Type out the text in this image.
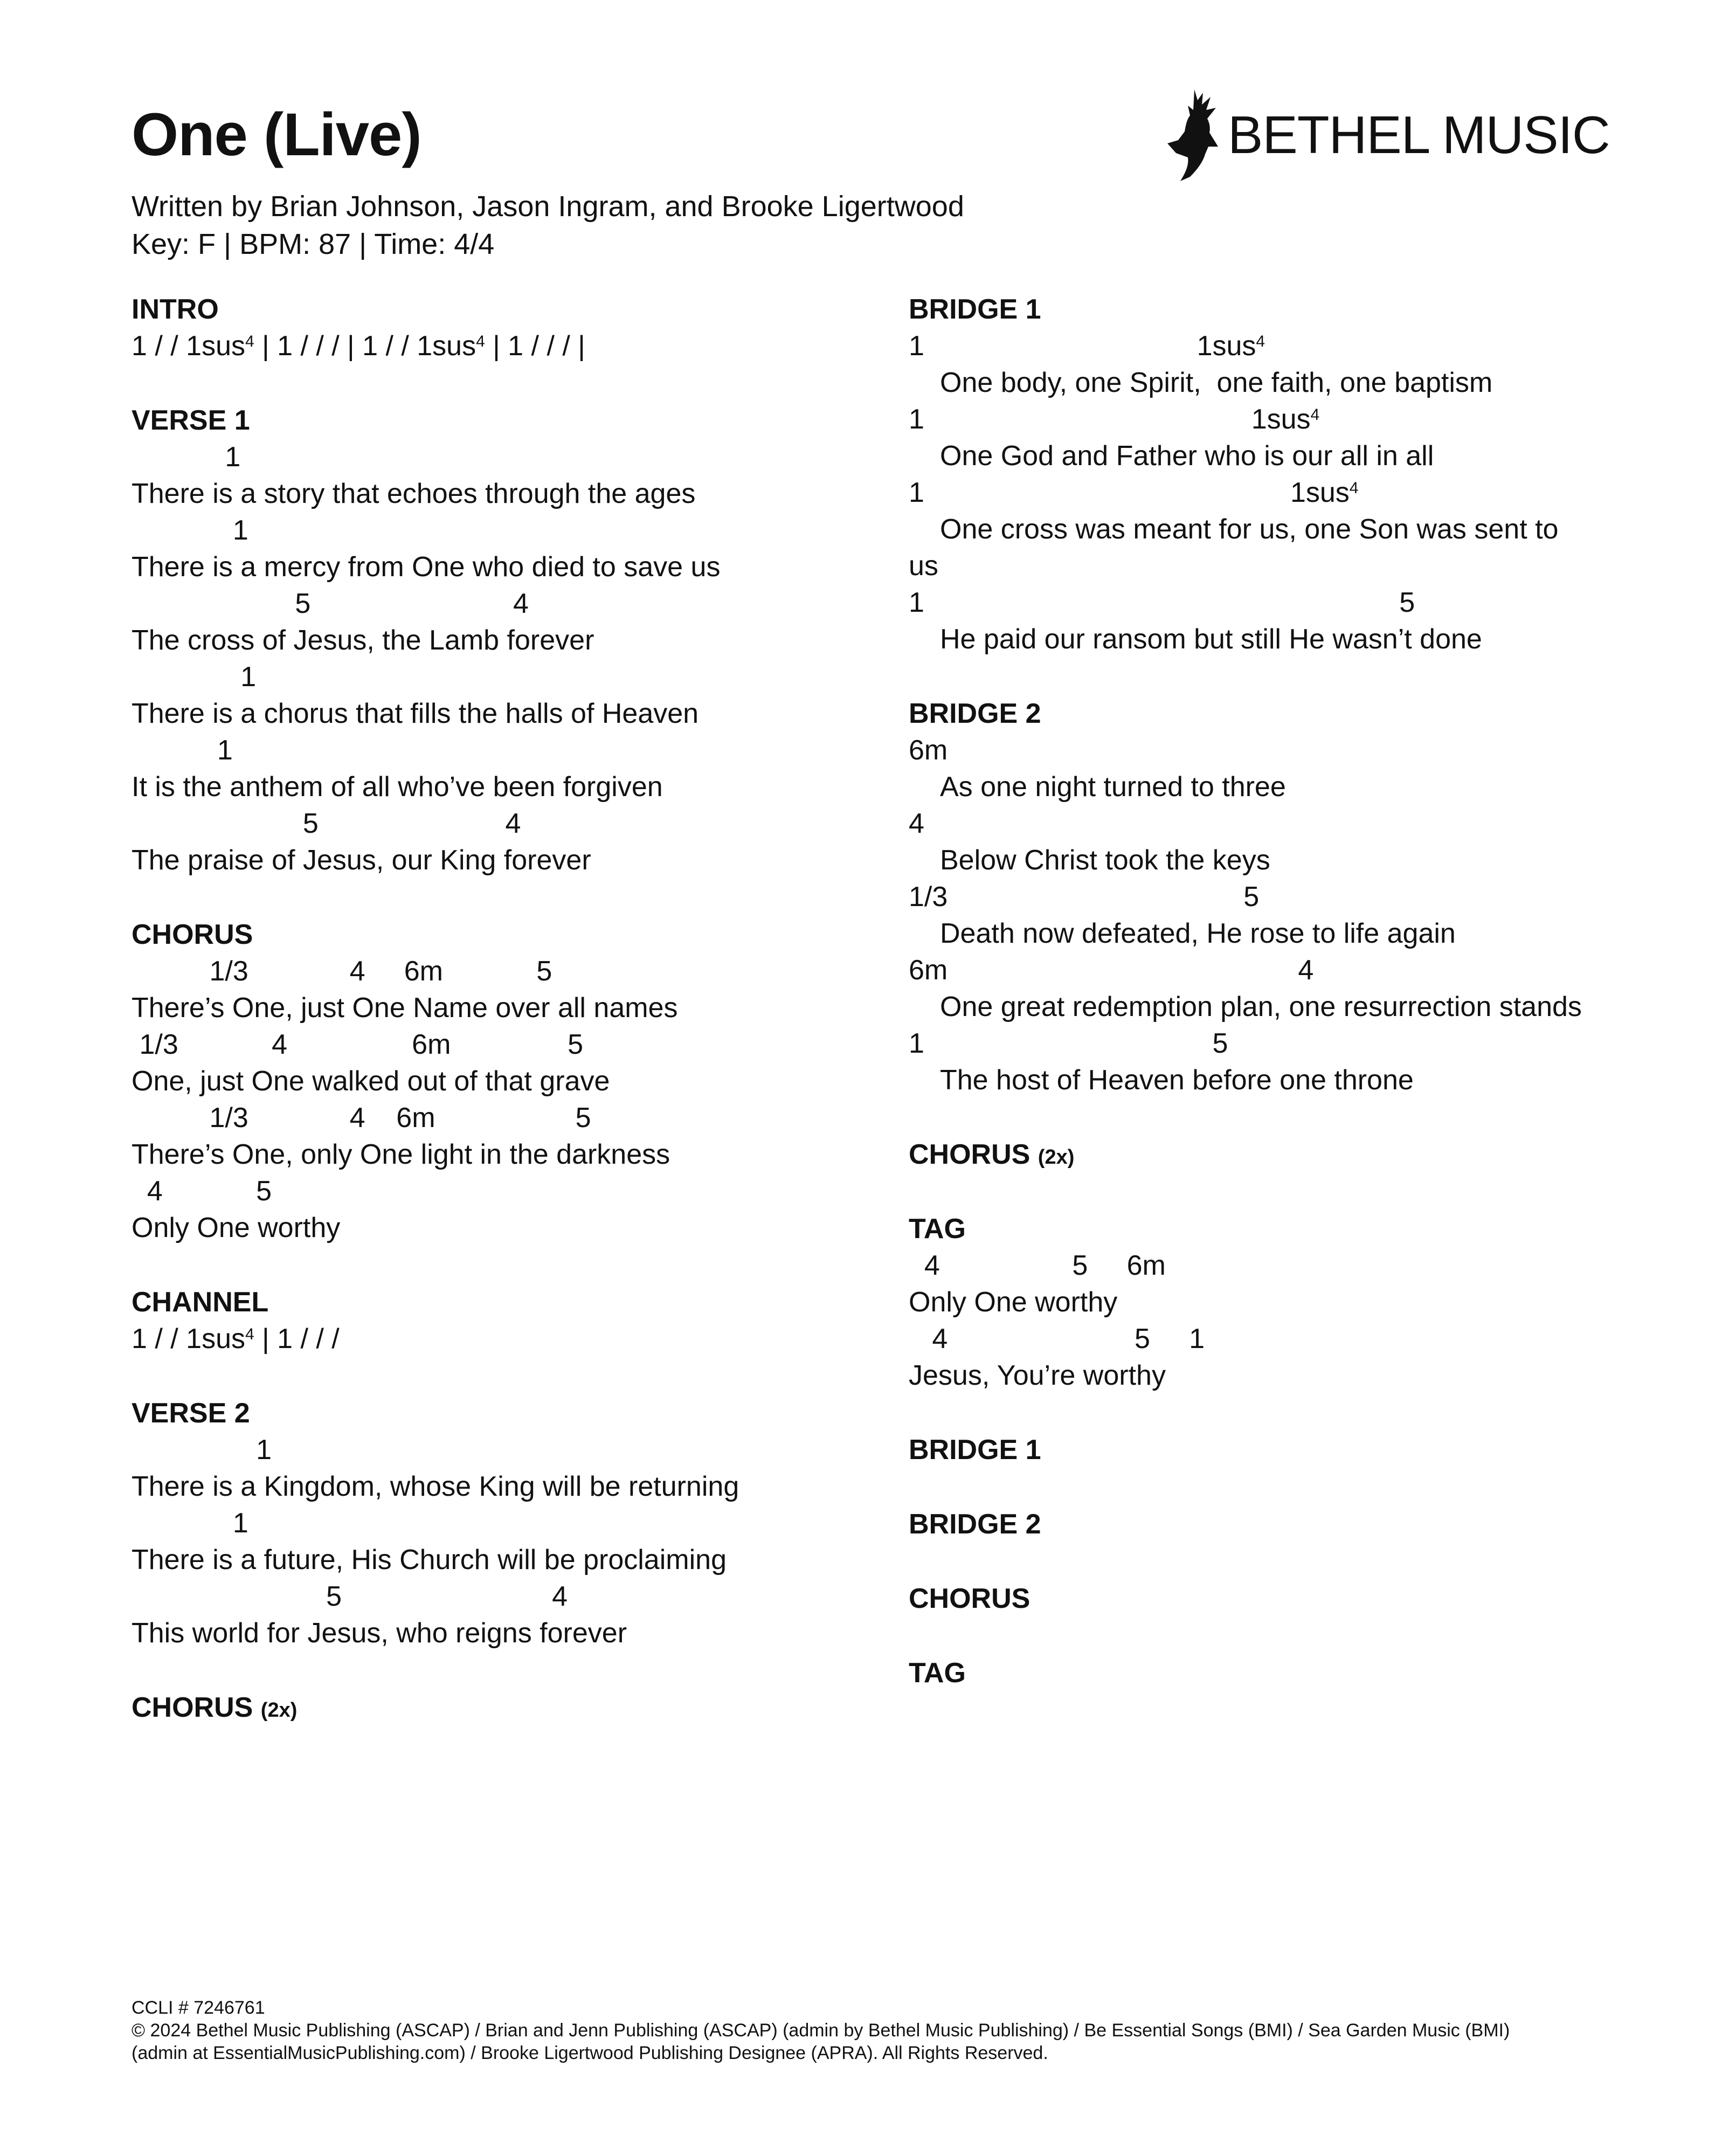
One (Live)
Written by Brian Johnson, Jason Ingram, and Brooke Ligertwood
Key: F | BPM: 87 | Time: 4/4
BETHEL MUSIC
INTRO
1 / / 1sus$^4$ | 1 / / / | 1 / / 1sus$^4$ | 1 / / / |
VERSE 1
1
There is a story that echoes through the ages
1
There is a mercy from One who died to save us
5                          4
The cross of Jesus, the Lamb forever
1
There is a chorus that fills the halls of Heaven
1
It is the anthem of all who’ve been forgiven
5                        4
The praise of Jesus, our King forever
CHORUS
1/3             4     6m            5
There’s One, just One Name over all names
1/3            4                6m               5
One, just One walked out of that grave
1/3             4    6m                  5
There’s One, only One light in the darkness
4            5
Only One worthy
CHANNEL
1 / / 1sus$^4$ | 1 / / /
VERSE 2
1
There is a Kingdom, whose King will be returning
1
There is a future, His Church will be proclaiming
5                           4
This world for Jesus, who reigns forever
CHORUS (2x)
BRIDGE 1
1                                   1sus$^4$
One body, one Spirit,  one faith, one baptism
1                                          1sus$^4$
One God and Father who is our all in all
1                                               1sus$^4$
One cross was meant for us, one Son was sent to
us
1                                                             5
He paid our ransom but still He wasn’t done
BRIDGE 2
6m
As one night turned to three
4
Below Christ took the keys
1/3                                      5
Death now defeated, He rose to life again
6m                                             4
One great redemption plan, one resurrection stands
1                                     5
The host of Heaven before one throne
CHORUS (2x)
TAG
4                 5     6m
Only One worthy
4                        5     1
Jesus, You’re worthy
BRIDGE 1
BRIDGE 2
CHORUS
TAG
CCLI # 7246761
© 2024 Bethel Music Publishing (ASCAP) / Brian and Jenn Publishing (ASCAP) (admin by Bethel Music Publishing) / Be Essential Songs (BMI) / Sea Garden Music (BMI)
(admin at EssentialMusicPublishing.com) / Brooke Ligertwood Publishing Designee (APRA). All Rights Reserved.
